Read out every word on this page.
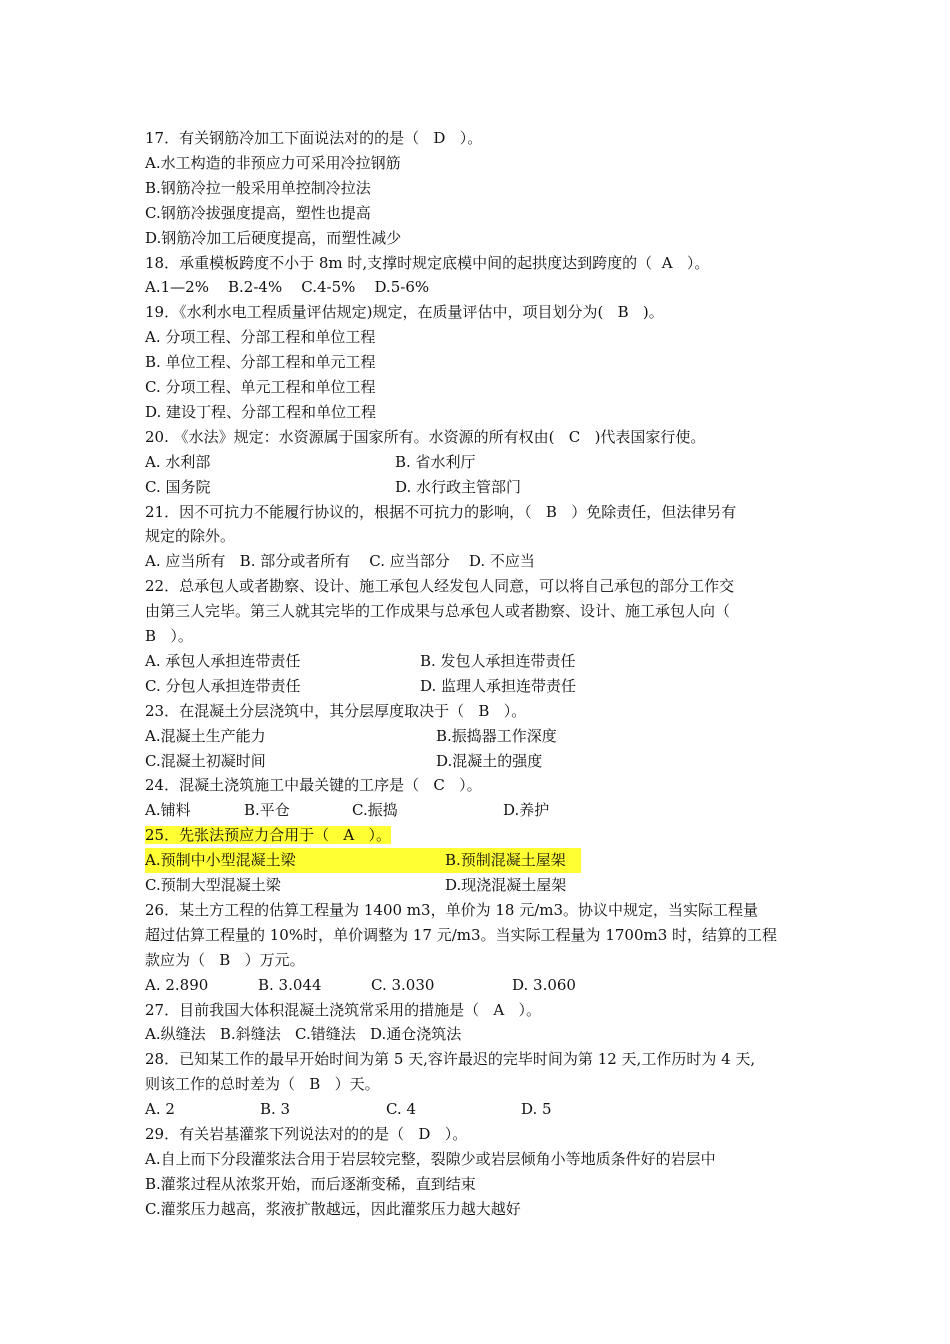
17．有关钢筋冷加工下面说法对的的是（   D   ）。
A.水工构造的非预应力可采用冷拉钢筋
B.钢筋冷拉一般采用单控制冷拉法
C.钢筋冷拔强度提高，塑性也提高
D.钢筋冷加工后硬度提高，而塑性减少
18．承重模板跨度不小于 8m 时,支撑时规定底模中间的起拱度达到跨度的（  A   ）。
A.1—2%    B.2-4%    C.4-5%    D.5-6%
19．《水利水电工程质量评估规定)规定，在质量评估中，项目划分为(   B   )。
A. 分项工程、分部工程和单位工程
B. 单位工程、分部工程和单元工程
C. 分项工程、单元工程和单位工程
D. 建设丁程、分部工程和单位工程
20. 《水法》规定：水资源属于国家所有。水资源的所有权由(   C   )代表国家行使。
A. 水利部	B. 省水利厅
C. 国务院	D. 水行政主管部门
21．因不可抗力不能履行协议的，根据不可抗力的影响，（   B   ）免除责任，但法律另有
规定的除外。
A. 应当所有   B. 部分或者所有    C. 应当部分    D. 不应当
22．总承包人或者勘察、设计、施工承包人经发包人同意，可以将自己承包的部分工作交
由第三人完毕。第三人就其完毕的工作成果与总承包人或者勘察、设计、施工承包人向（
B   ）。
A. 承包人承担连带责任	B. 发包人承担连带责任
C. 分包人承担连带责任	D. 监理人承担连带责任
23．在混凝土分层浇筑中，其分层厚度取决于（   B   ）。
A.混凝土生产能力	B.振捣器工作深度
C.混凝土初凝时间	D.混凝土的强度
24．混凝土浇筑施工中最关键的工序是（   C   ）。
A.铺料	B.平仓	C.振捣	D.养护
25．先张法预应力合用于（   A   ）。
A.预制中小型混凝土梁	B.预制混凝土屋架
C.预制大型混凝土梁	D.现浇混凝土屋架
26．某土方工程的估算工程量为 1400 m3，单价为 18 元/m3。协议中规定，当实际工程量
超过估算工程量的 10%时，单价调整为 17 元/m3。当实际工程量为 1700m3 时，结算的工程
款应为（   B   ）万元。
A. 2.890	B. 3.044	C. 3.030	D. 3.060
27．目前我国大体积混凝土浇筑常采用的措施是（   A   ）。
A.纵缝法   B.斜缝法   C.错缝法   D.通仓浇筑法
28．已知某工作的最早开始时间为第 5 天,容许最迟的完毕时间为第 12 天,工作历时为 4 天,
则该工作的总时差为（   B   ）天。
A. 2	B. 3	C. 4	D. 5
29．有关岩基灌浆下列说法对的的是（   D   ）。
A.自上而下分段灌浆法合用于岩层较完整，裂隙少或岩层倾角小等地质条件好的岩层中
B.灌浆过程从浓浆开始，而后逐渐变稀，直到结束
C.灌浆压力越高，浆液扩散越远，因此灌浆压力越大越好
